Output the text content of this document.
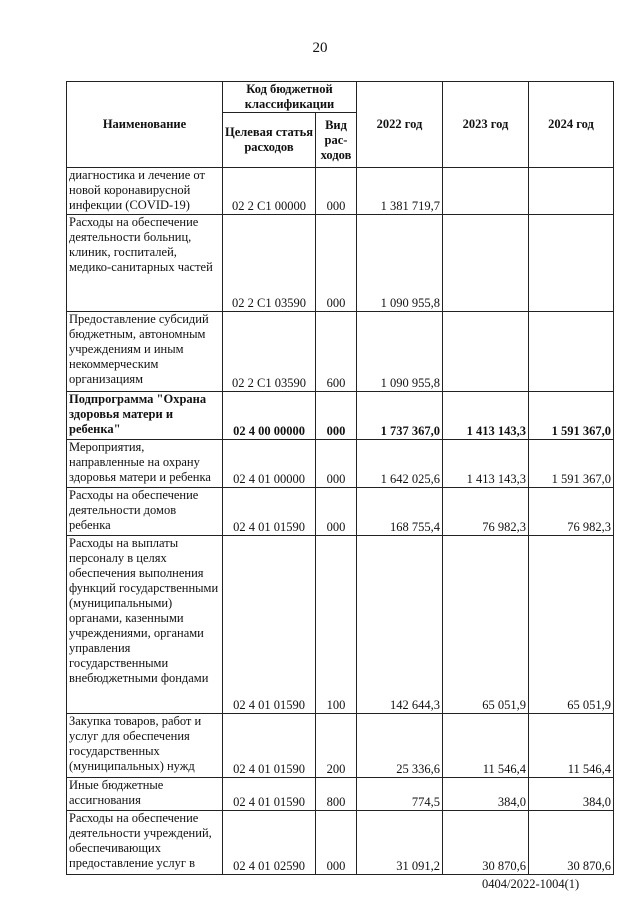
20
Наименование	Код бюджетной классификации		2022 год	2023 год	2024 год
	Целевая статья расходов	Вид рас-ходов			
диагностика и лечение от новой коронавирусной инфекции (COVID-19)	02 2 С1 00000	000	1 381 719,7		
Расходы на обеспечение деятельности больниц, клиник, госпиталей, медико-санитарных частей	02 2 С1 03590	000	1 090 955,8		
Предоставление субсидий бюджетным, автономным учреждениям и иным некоммерческим организациям	02 2 С1 03590	600	1 090 955,8		
Подпрограмма "Охрана здоровья матери и ребенка"	02 4 00 00000	000	1 737 367,0	1 413 143,3	1 591 367,0
Мероприятия, направленные на охрану здоровья матери и ребенка	02 4 01 00000	000	1 642 025,6	1 413 143,3	1 591 367,0
Расходы на обеспечение деятельности домов ребенка	02 4 01 01590	000	168 755,4	76 982,3	76 982,3
Расходы на выплаты персоналу в целях обеспечения выполнения функций государственными (муниципальными) органами, казенными учреждениями, органами управления государственными внебюджетными фондами	02 4 01 01590	100	142 644,3	65 051,9	65 051,9
Закупка товаров, работ и услуг для обеспечения государственных (муниципальных) нужд	02 4 01 01590	200	25 336,6	11 546,4	11 546,4
Иные бюджетные ассигнования	02 4 01 01590	800	774,5	384,0	384,0
Расходы на обеспечение деятельности учреждений, обеспечивающих предоставление услуг в	02 4 01 02590	000	31 091,2	30 870,6	30 870,6
0404/2022-1004(1)
